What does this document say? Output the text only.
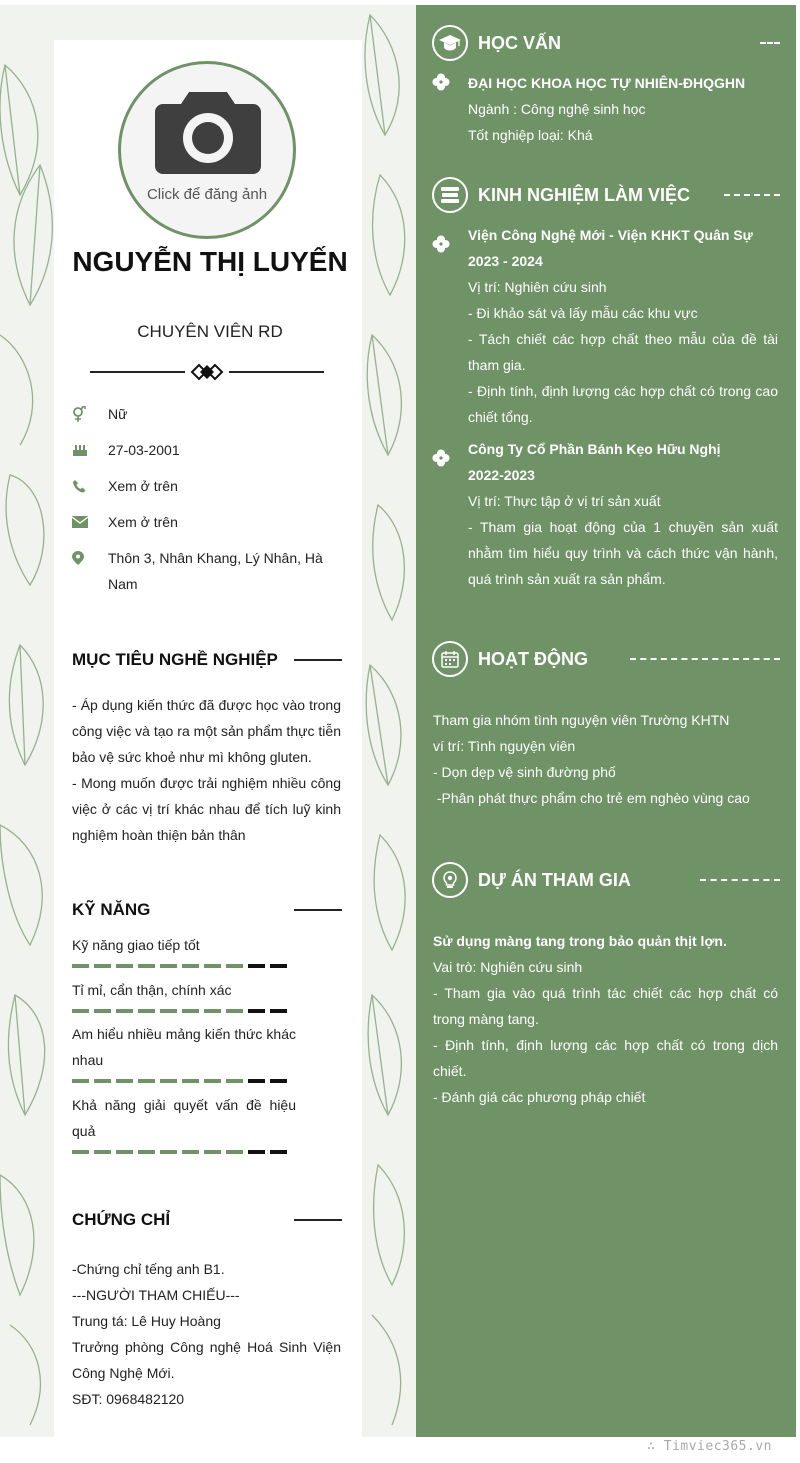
Click để đăng ảnh
NGUYỄN THỊ LUYẾN
CHUYÊN VIÊN RD
Nữ
27-03-2001
Xem ở trên
Xem ở trên
Thôn 3, Nhân Khang, Lý Nhân, Hà Nam
MỤC TIÊU NGHỀ NGHIỆP
- Áp dụng kiến thức đã được học vào trong công việc và tạo ra một sản phẩm thực tiễn bảo vệ sức khoẻ như mì không gluten.
- Mong muốn được trải nghiệm nhiều công việc ở các vị trí khác nhau để tích luỹ kinh nghiệm hoàn thiện bản thân
KỸ NĂNG
Kỹ năng giao tiếp tốt
Tỉ mỉ, cẩn thận, chính xác
Am hiểu nhiều mảng kiến thức khác nhau
Khả năng giải quyết vấn đề hiệu quả
CHỨNG CHỈ
-Chứng chỉ tếng anh B1.
---NGƯỜI THAM CHIẾU---
Trung tá: Lê Huy Hoàng
Trưởng phòng Công nghệ Hoá Sinh Viện Công Nghệ Mới.
SĐT: 0968482120
HỌC VẤN
ĐẠI HỌC KHOA HỌC TỰ NHIÊN-ĐHQGHN
Ngành : Công nghệ sinh học
Tốt nghiệp loại: Khá
KINH NGHIỆM LÀM VIỆC
Viện Công Nghệ Mới - Viện KHKT Quân Sự
2023 - 2024
Vị trí: Nghiên cứu sinh
- Đi khảo sát và lấy mẫu các khu vực
- Tách chiết các hợp chất theo mẫu của đề tài tham gia.
- Định tính, định lượng các hợp chất có trong cao chiết tổng.
Công Ty Cổ Phần Bánh Kẹo Hữu Nghị
2022-2023
Vị trí: Thực tập ở vị trí sản xuất
- Tham gia hoạt động của 1 chuyền sản xuất nhằm tìm hiểu quy trình và cách thức vận hành, quá trình sản xuất ra sản phẩm.
HOẠT ĐỘNG
Tham gia nhóm tình nguyện viên Trường KHTN
ví trí: Tình nguyện viên
- Dọn dẹp vệ sinh đường phố
-Phân phát thực phẩm cho trẻ em nghèo vùng cao
DỰ ÁN THAM GIA
Sử dụng màng tang trong bảo quản thịt lợn.
Vai trò: Nghiên cứu sinh
- Tham gia vào quá trình tác chiết các hợp chất có trong màng tang.
- Định tính, định lượng các hợp chất có trong dịch chiết.
- Đánh giá các phương pháp chiết
∴ Timviec365.vn
